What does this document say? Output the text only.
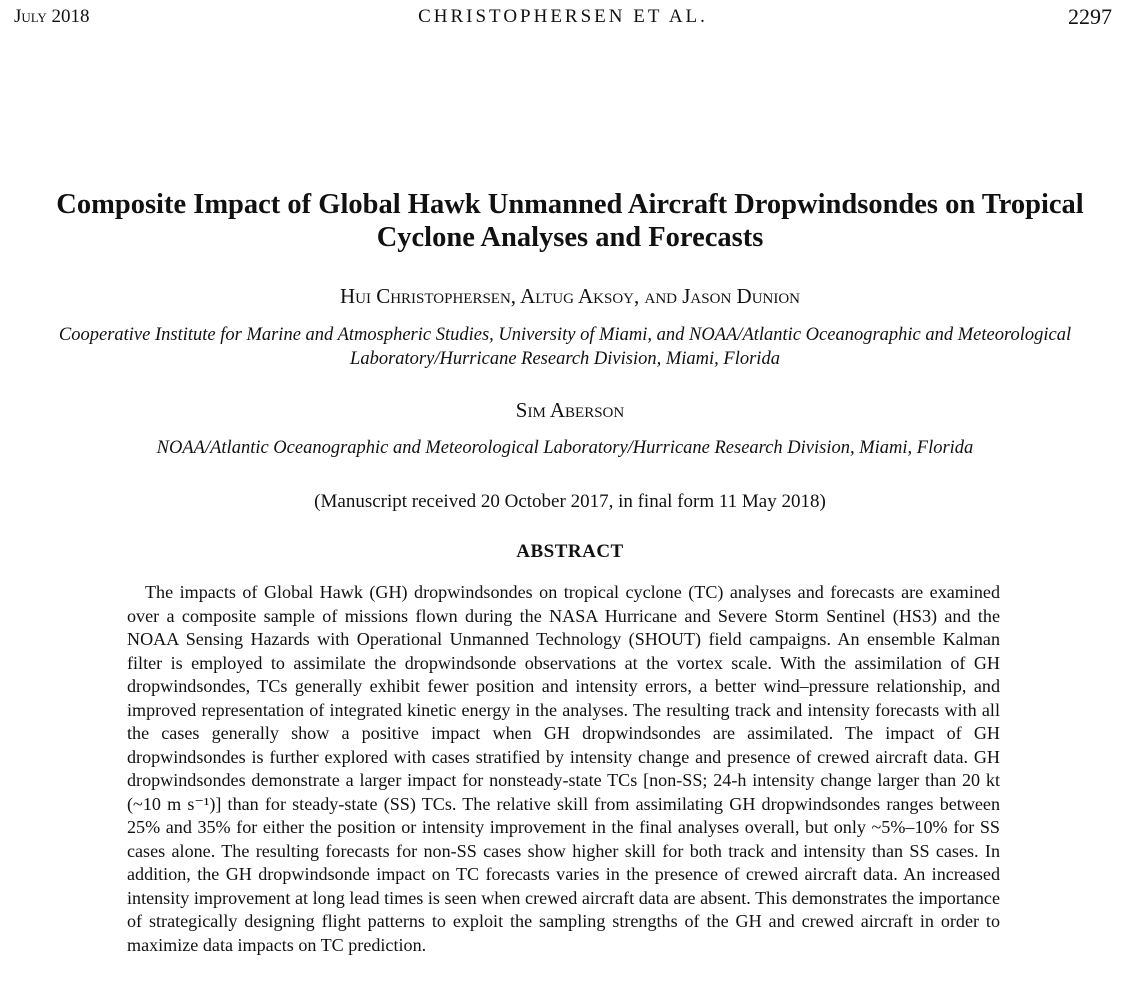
July 2018	CHRISTOPHERSEN ET AL.	2297
Composite Impact of Global Hawk Unmanned Aircraft Dropwindsondes on Tropical Cyclone Analyses and Forecasts

Hui Christophersen, Altug Aksoy, and Jason Dunion

Cooperative Institute for Marine and Atmospheric Studies, University of Miami, and NOAA/Atlantic Oceanographic and Meteorological Laboratory/Hurricane Research Division, Miami, Florida

Sim Aberson

NOAA/Atlantic Oceanographic and Meteorological Laboratory/Hurricane Research Division, Miami, Florida

(Manuscript received 20 October 2017, in final form 11 May 2018)

ABSTRACT

The impacts of Global Hawk (GH) dropwindsondes on tropical cyclone (TC) analyses and forecasts are examined over a composite sample of missions flown during the NASA Hurricane and Severe Storm Sentinel (HS3) and the NOAA Sensing Hazards with Operational Unmanned Technology (SHOUT) field campaigns. An ensemble Kalman filter is employed to assimilate the dropwindsonde observations at the vortex scale. With the assimilation of GH dropwindsondes, TCs generally exhibit fewer position and intensity errors, a better wind–pressure relationship, and improved representation of integrated kinetic energy in the analyses. The resulting track and intensity forecasts with all the cases generally show a positive impact when GH dropwindsondes are assimilated. The impact of GH dropwindsondes is further explored with cases stratified by intensity change and presence of crewed aircraft data. GH dropwindsondes demonstrate a larger impact for nonsteady-state TCs [non-SS; 24-h intensity change larger than 20 kt (~10 m s⁻¹)] than for steady-state (SS) TCs. The relative skill from assimilating GH dropwindsondes ranges between 25% and 35% for either the position or intensity improvement in the final analyses overall, but only ~5%–10% for SS cases alone. The resulting forecasts for non-SS cases show higher skill for both track and intensity than SS cases. In addition, the GH dropwindsonde impact on TC forecasts varies in the presence of crewed aircraft data. An increased intensity improvement at long lead times is seen when crewed aircraft data are absent. This demonstrates the importance of strategically designing flight patterns to exploit the sampling strengths of the GH and crewed aircraft in order to maximize data impacts on TC prediction.
